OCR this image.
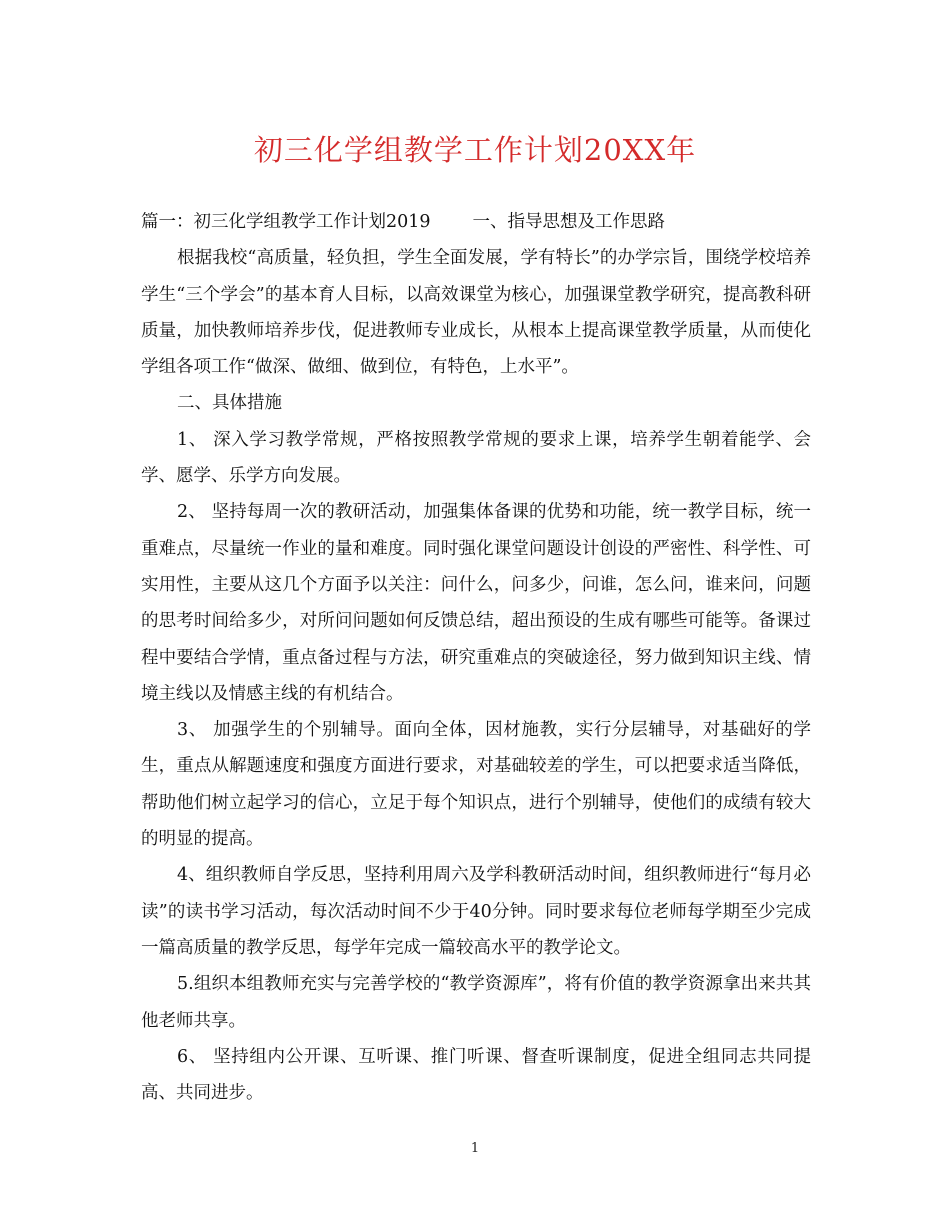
初三化学组教学工作计划20XX年

篇一：初三化学组教学工作计划2019 一、指导思想及工作思路

根据我校“高质量，轻负担，学生全面发展，学有特长”的办学宗旨，围绕学校培养学生“三个学会”的基本育人目标，以高效课堂为核心，加强课堂教学研究，提高教科研质量，加快教师培养步伐，促进教师专业成长，从根本上提高课堂教学质量，从而使化学组各项工作“做深、做细、做到位，有特色，上水平”。

二、具体措施

1、 深入学习教学常规，严格按照教学常规的要求上课，培养学生朝着能学、会学、愿学、乐学方向发展。

2、 坚持每周一次的教研活动，加强集体备课的优势和功能，统一教学目标，统一重难点，尽量统一作业的量和难度。同时强化课堂问题设计创设的严密性、科学性、可实用性，主要从这几个方面予以关注：问什么，问多少，问谁，怎么问，谁来问，问题的思考时间给多少，对所问问题如何反馈总结，超出预设的生成有哪些可能等。备课过程中要结合学情，重点备过程与方法，研究重难点的突破途径，努力做到知识主线、情境主线以及情感主线的有机结合。

3、 加强学生的个别辅导。面向全体，因材施教，实行分层辅导，对基础好的学生，重点从解题速度和强度方面进行要求，对基础较差的学生，可以把要求适当降低，帮助他们树立起学习的信心，立足于每个知识点，进行个别辅导，使他们的成绩有较大的明显的提高。

4、组织教师自学反思，坚持利用周六及学科教研活动时间，组织教师进行“每月必读”的读书学习活动，每次活动时间不少于40分钟。同时要求每位老师每学期至少完成一篇高质量的教学反思，每学年完成一篇较高水平的教学论文。

5.组织本组教师充实与完善学校的“教学资源库”，将有价值的教学资源拿出来共其他老师共享。

6、 坚持组内公开课、互听课、推门听课、督查听课制度，促进全组同志共同提高、共同进步。

1
